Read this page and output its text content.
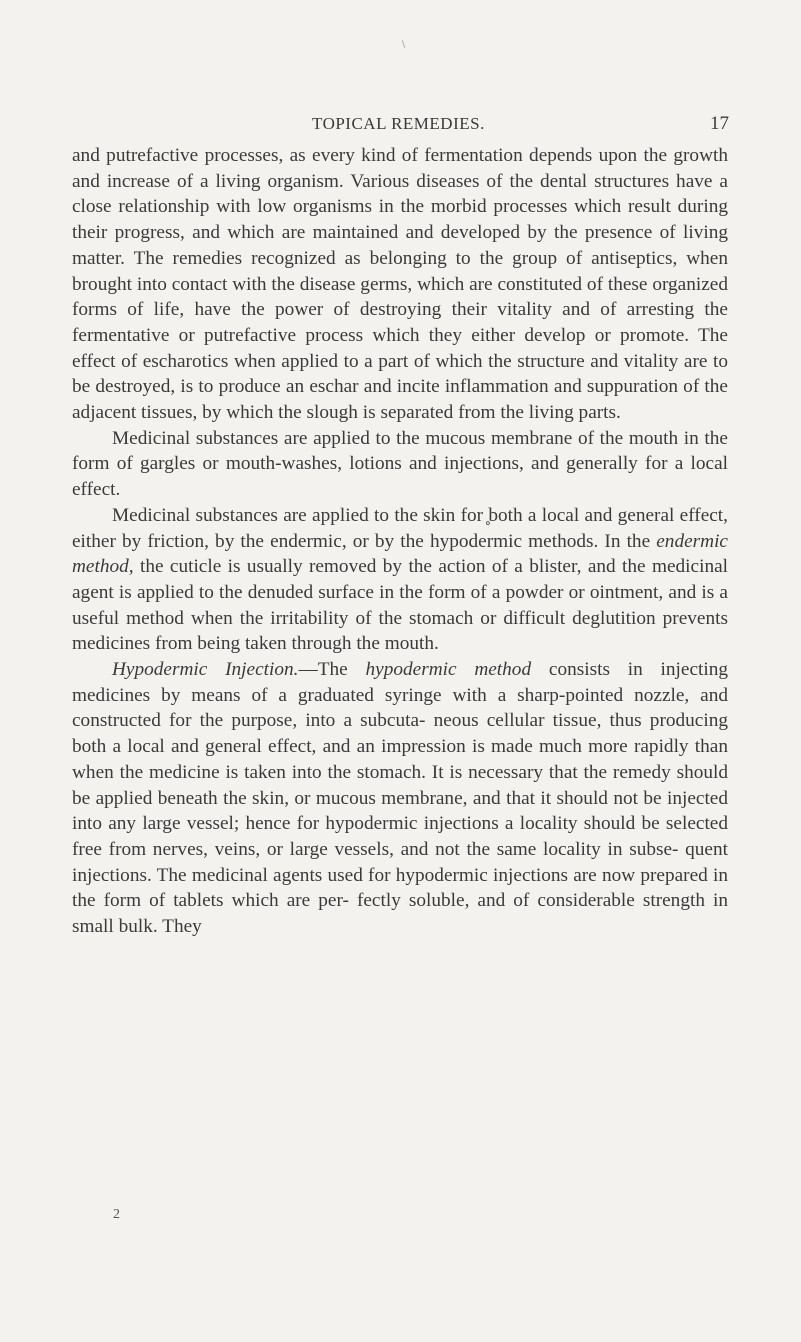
TOPICAL REMEDIES.	17

and putrefactive processes, as every kind of fermentation depends upon the growth and increase of a living organism. Various diseases of the dental structures have a close relationship with low organisms in the morbid processes which result during their progress, and which are maintained and developed by the presence of living matter. The remedies recognized as belonging to the group of antiseptics, when brought into contact with the disease germs, which are constituted of these organized forms of life, have the power of destroying their vitality and of arresting the fermentative or putrefactive process which they either develop or promote. The effect of escharotics when applied to a part of which the structure and vitality are to be destroyed, is to produce an eschar and incite inflammation and suppuration of the adjacent tissues, by which the slough is separated from the living parts.

Medicinal substances are applied to the mucous membrane of the mouth in the form of gargles or mouth-washes, lotions and injections, and generally for a local effect.

Medicinal substances are applied to the skin for ̥both a local and general effect, either by friction, by the endermic, or by the hypodermic methods. In the endermic method, the cuticle is usually removed by the action of a blister, and the medicinal agent is applied to the denuded surface in the form of a powder or ointment, and is a useful method when the irritability of the stomach or difficult deglutition prevents medicines from being taken through the mouth.

Hypodermic Injection.—The hypodermic method consists in injecting medicines by means of a graduated syringe with a sharp-pointed nozzle, and constructed for the purpose, into a subcuta- neous cellular tissue, thus producing both a local and general effect, and an impression is made much more rapidly than when the medicine is taken into the stomach. It is necessary that the remedy should be applied beneath the skin, or mucous membrane, and that it should not be injected into any large vessel; hence for hypodermic injections a locality should be selected free from nerves, veins, or large vessels, and not the same locality in subse- quent injections. The medicinal agents used for hypodermic injections are now prepared in the form of tablets which are per- fectly soluble, and of considerable strength in small bulk. They

2
